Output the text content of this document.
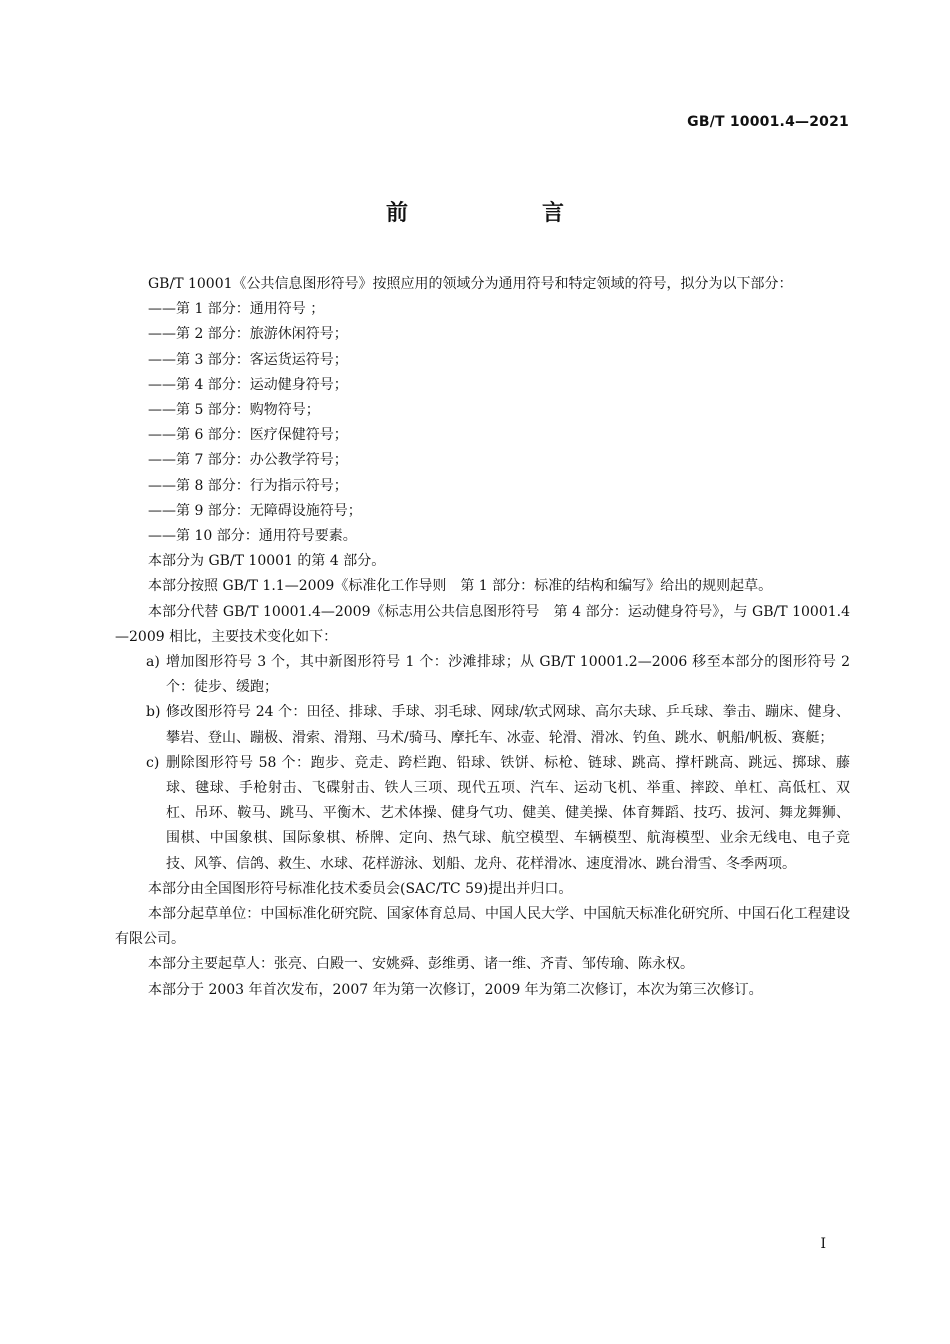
GB/T 10001.4—2021
前　言

GB/T 10001《公共信息图形符号》按照应用的领域分为通用符号和特定领域的符号，拟分为以下部分：

——第 1 部分：通用符号 ；

——第 2 部分：旅游休闲符号；

——第 3 部分：客运货运符号；

——第 4 部分：运动健身符号；

——第 5 部分：购物符号；

——第 6 部分：医疗保健符号；

——第 7 部分：办公教学符号；

——第 8 部分：行为指示符号；

——第 9 部分：无障碍设施符号；

——第 10 部分：通用符号要素。

本部分为 GB/T 10001 的第 4 部分。

本部分按照 GB/T 1.1—2009《标准化工作导则　第 1 部分：标准的结构和编写》给出的规则起草。

本部分代替 GB/T 10001.4—2009《标志用公共信息图形符号　第 4 部分：运动健身符号》，与 GB/T 10001.4—2009 相比，主要技术变化如下：

a) 增加图形符号 3 个，其中新图形符号 1 个：沙滩排球；从 GB/T 10001.2—2006 移至本部分的图形符号 2 个：徒步、缓跑；
b) 修改图形符号 24 个：田径、排球、手球、羽毛球、网球/软式网球、高尔夫球、乒乓球、拳击、蹦床、健身、攀岩、登山、蹦极、滑索、滑翔、马术/骑马、摩托车、冰壶、轮滑、滑冰、钓鱼、跳水、帆船/帆板、赛艇；
c) 删除图形符号 58 个：跑步、竞走、跨栏跑、铅球、铁饼、标枪、链球、跳高、撑杆跳高、跳远、掷球、藤球、毽球、手枪射击、飞碟射击、铁人三项、现代五项、汽车、运动飞机、举重、摔跤、单杠、高低杠、双杠、吊环、鞍马、跳马、平衡木、艺术体操、健身气功、健美、健美操、体育舞蹈、技巧、拔河、舞龙舞狮、围棋、中国象棋、国际象棋、桥牌、定向、热气球、航空模型、车辆模型、航海模型、业余无线电、电子竞技、风筝、信鸽、救生、水球、花样游泳、划船、龙舟、花样滑冰、速度滑冰、跳台滑雪、冬季两项。

本部分由全国图形符号标准化技术委员会(SAC/TC 59)提出并归口。

本部分起草单位：中国标准化研究院、国家体育总局、中国人民大学、中国航天标准化研究所、中国石化工程建设有限公司。

本部分主要起草人：张亮、白殿一、安姚舜、彭维勇、诸一维、齐青、邹传瑜、陈永权。

本部分于 2003 年首次发布，2007 年为第一次修订，2009 年为第二次修订，本次为第三次修订。

Ⅰ
